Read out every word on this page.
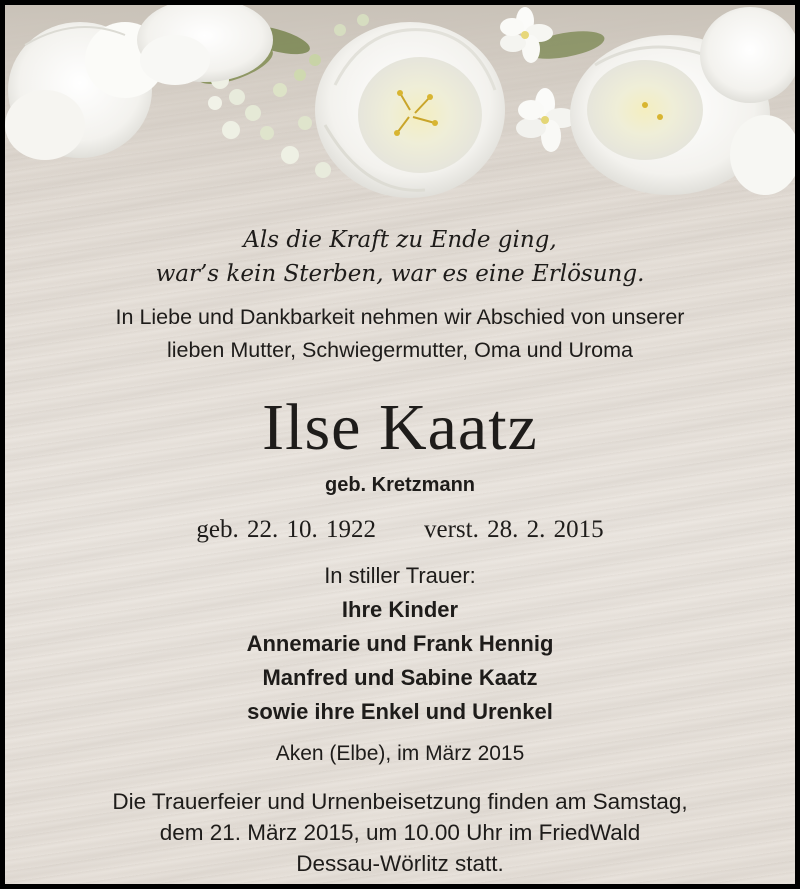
Als die Kraft zu Ende ging,
war’s kein Sterben, war es eine Erlösung.
In Liebe und Dankbarkeit nehmen wir Abschied von unserer
lieben Mutter, Schwiegermutter, Oma und Uroma
Ilse Kaatz
geb. Kretzmann
geb. 22. 10. 1922 verst. 28. 2. 2015
In stiller Trauer:
Ihre Kinder
Annemarie und Frank Hennig
Manfred und Sabine Kaatz
sowie ihre Enkel und Urenkel
Aken (Elbe), im März 2015
Die Trauerfeier und Urnenbeisetzung finden am Samstag,
dem 21. März 2015, um 10.00 Uhr im FriedWald
Dessau-Wörlitz statt.
